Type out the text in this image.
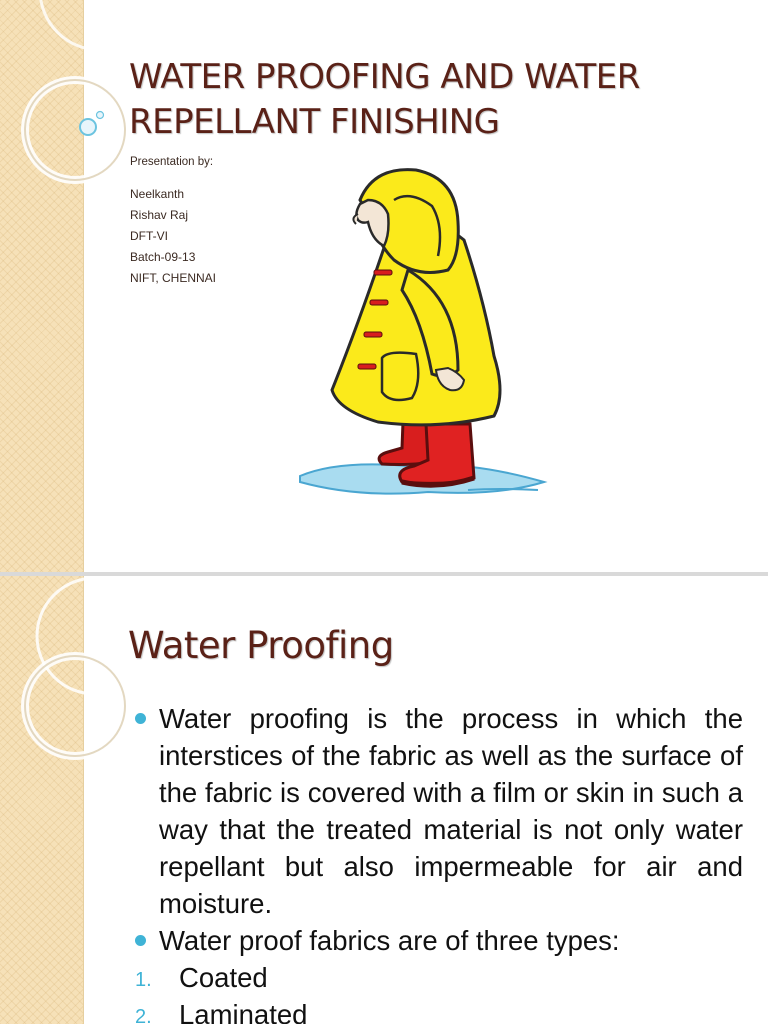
WATER PROOFING AND WATER
REPELLANT FINISHING
Presentation by:
Neelkanth
Rishav Raj
DFT-VI
Batch-09-13
NIFT, CHENNAI
Water Proofing

Water proofing is the process in which the interstices of the fabric as well as the surface of the fabric is covered with a film or skin in such a way that the treated material is not only water repellant but also impermeable for air and moisture.

Water proof fabrics are of three types:

1. Coated
2. Laminated
